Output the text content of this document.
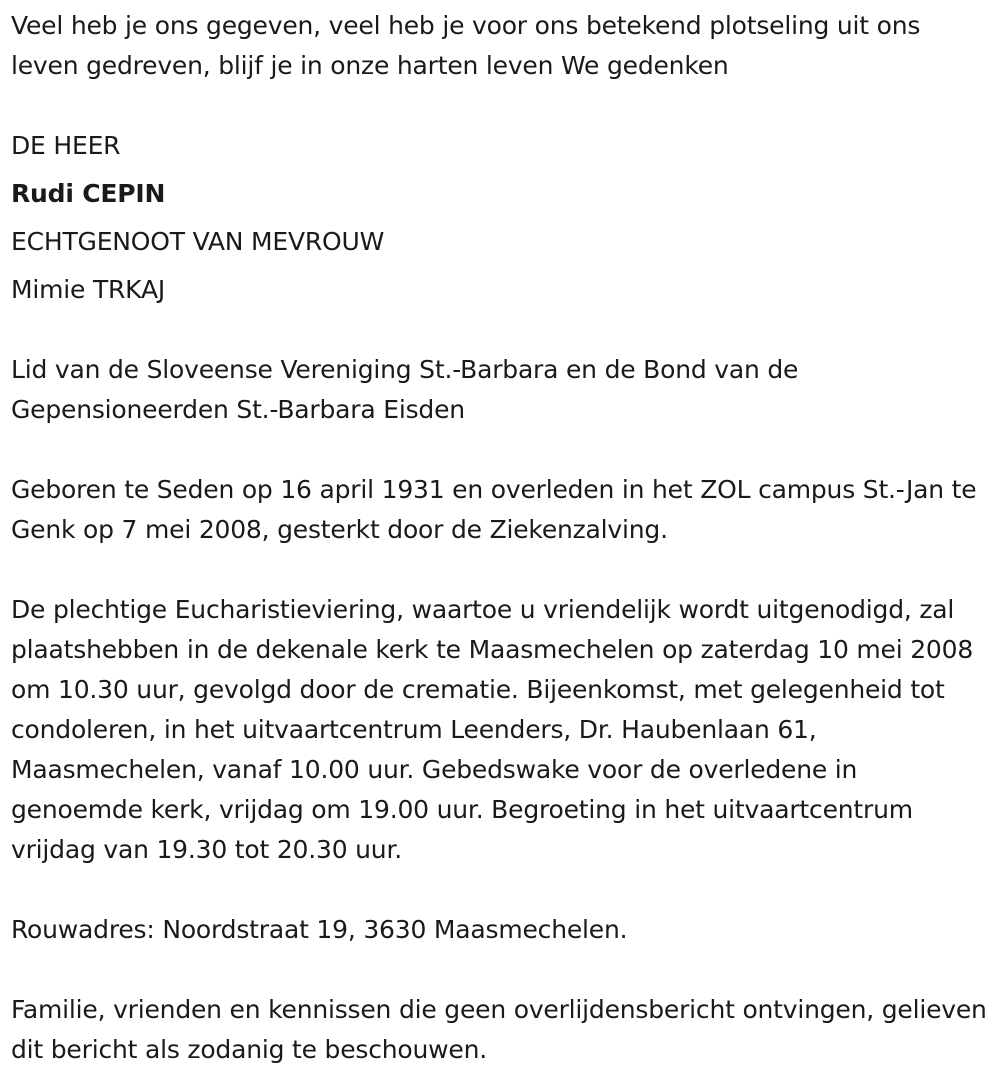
Veel heb je ons gegeven, veel heb je voor ons betekend plotseling uit ons leven gedreven, blijf je in onze harten leven We gedenken

DE HEER

Rudi CEPIN

ECHTGENOOT VAN MEVROUW

Mimie TRKAJ

Lid van de Sloveense Vereniging St.-Barbara en de Bond van de Gepensioneerden St.-Barbara Eisden

Geboren te Seden op 16 april 1931 en overleden in het ZOL campus St.-Jan te Genk op 7 mei 2008, gesterkt door de Ziekenzalving.

De plechtige Eucharistieviering, waartoe u vriendelijk wordt uitgenodigd, zal plaatshebben in de dekenale kerk te Maasmechelen op zaterdag 10 mei 2008 om 10.30 uur, gevolgd door de crematie. Bijeenkomst, met gelegenheid tot condoleren, in het uitvaartcentrum Leenders, Dr. Haubenlaan 61, Maasmechelen, vanaf 10.00 uur. Gebedswake voor de overledene in genoemde kerk, vrijdag om 19.00 uur. Begroeting in het uitvaartcentrum vrijdag van 19.30 tot 20.30 uur.

Rouwadres: Noordstraat 19, 3630 Maasmechelen.

Familie, vrienden en kennissen die geen overlijdensbericht ontvingen, gelieven dit bericht als zodanig te beschouwen.
